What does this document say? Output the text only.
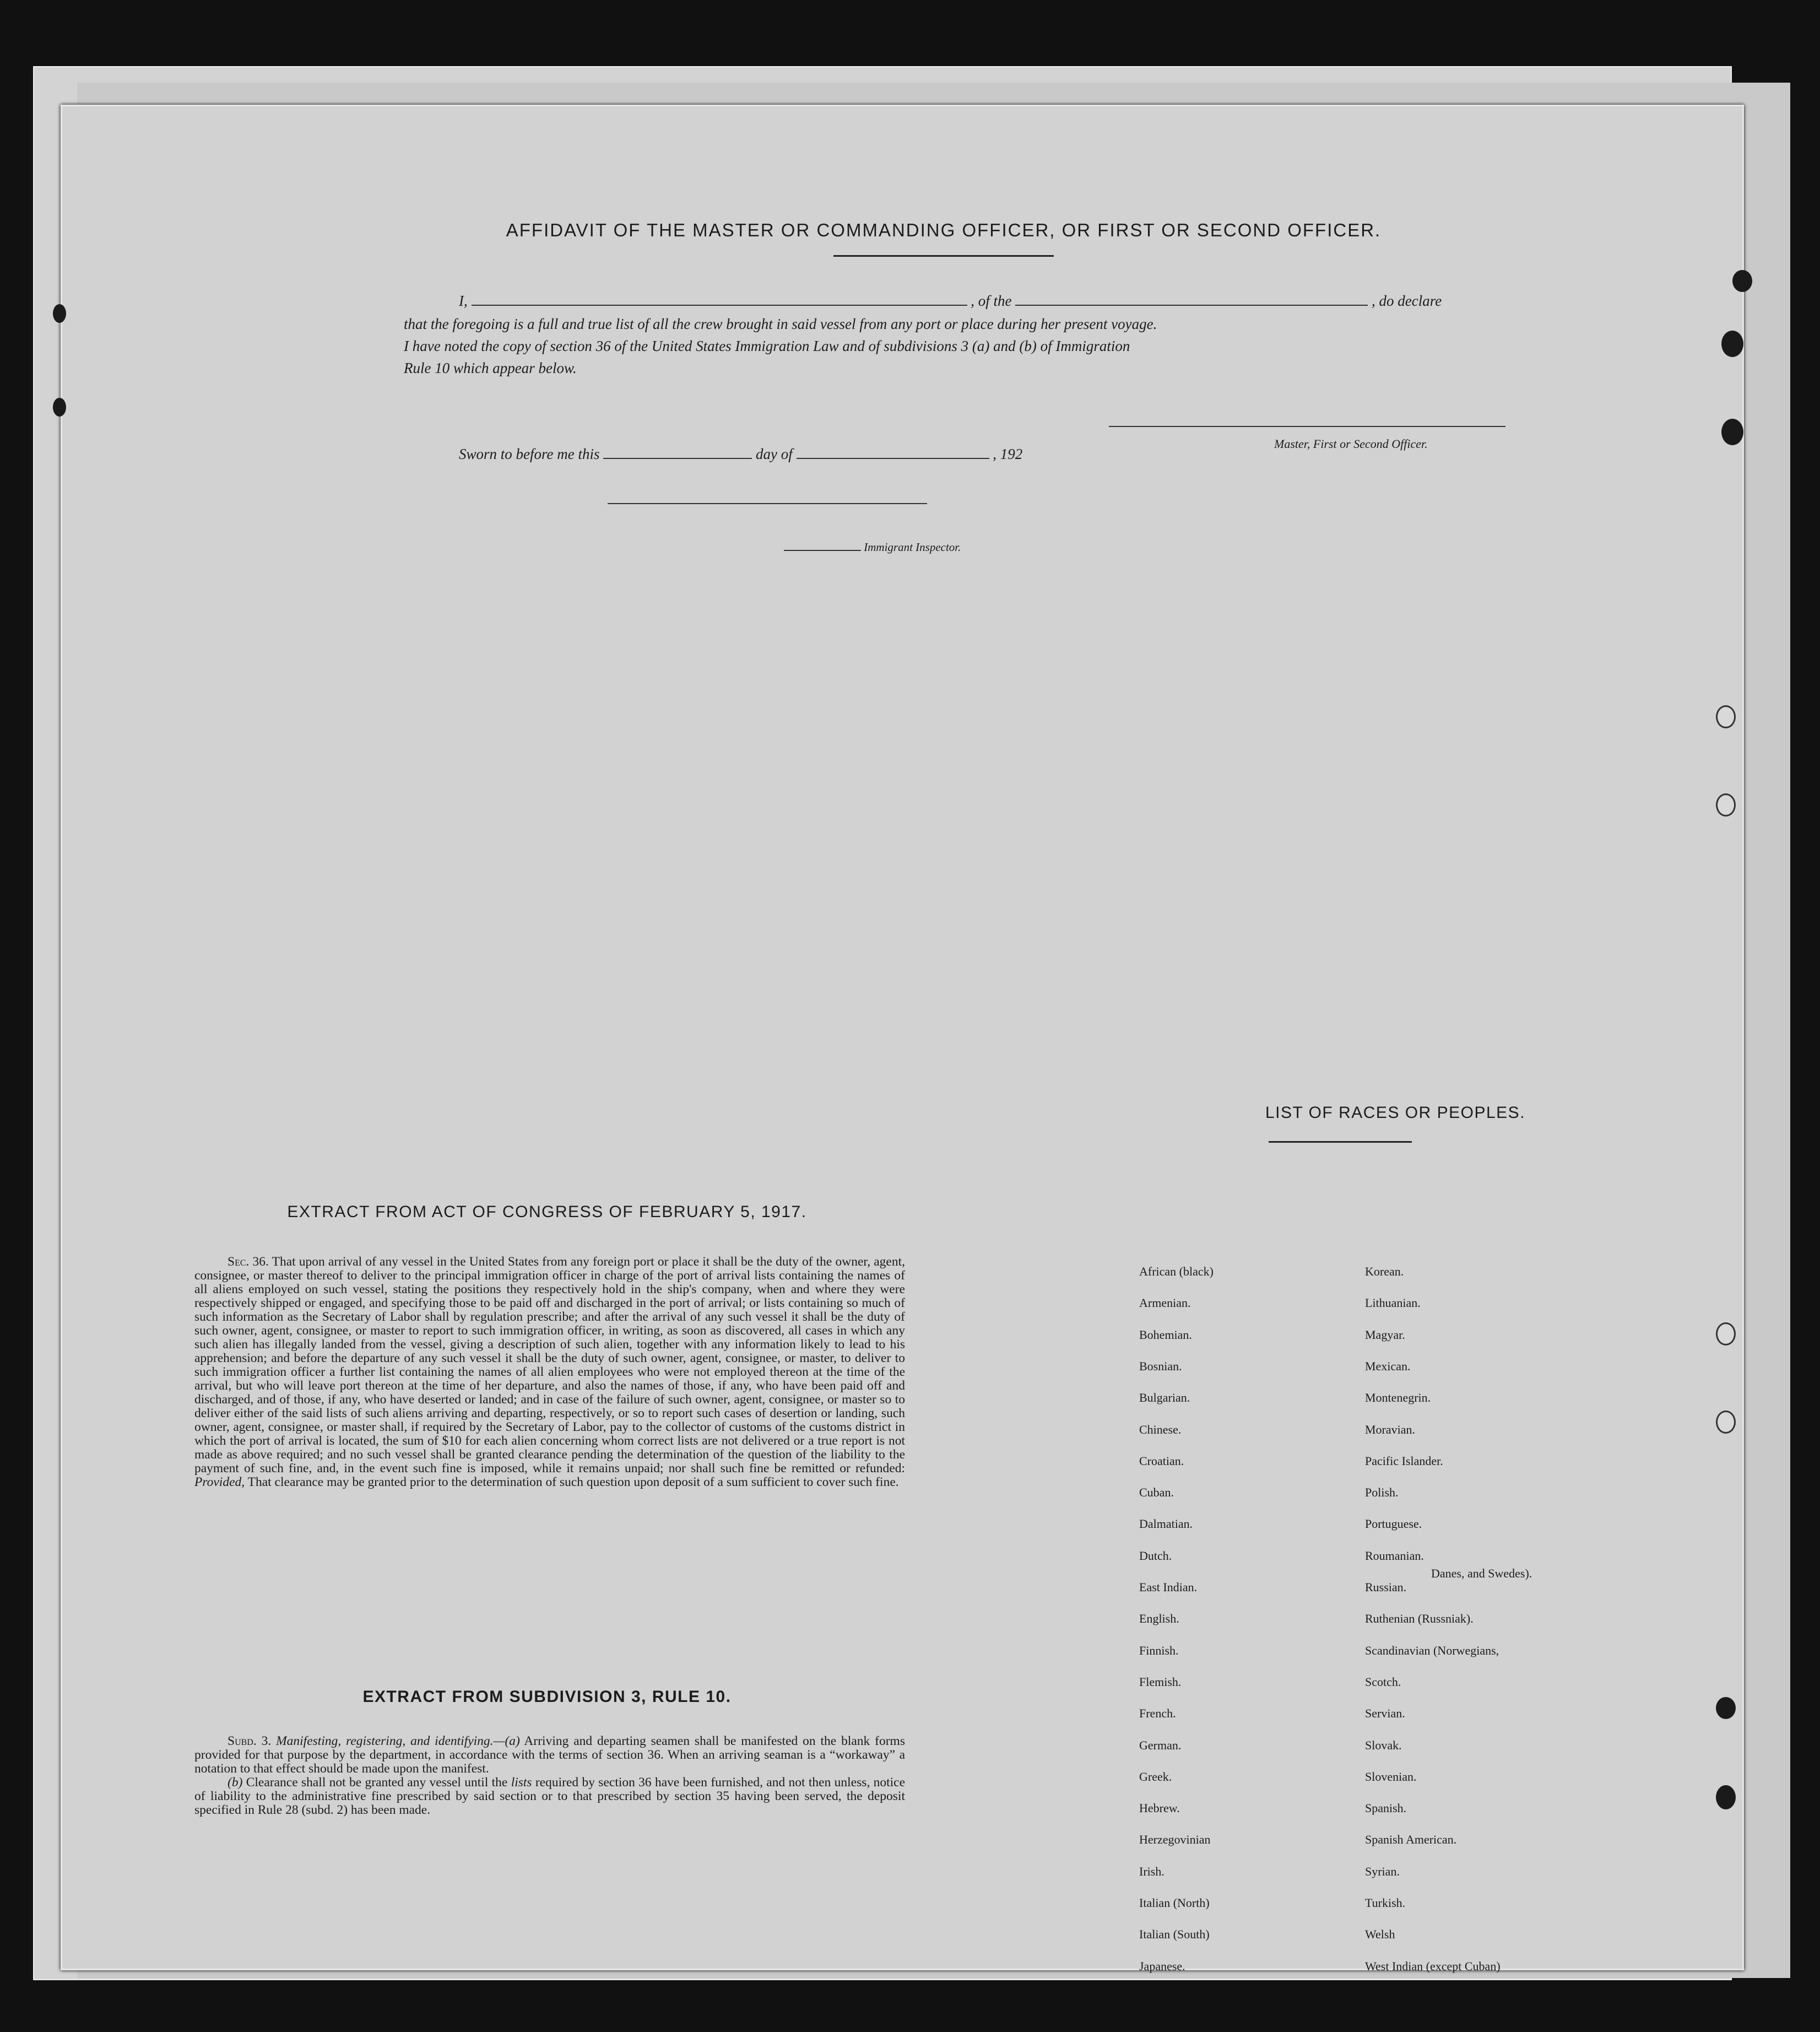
AFFIDAVIT OF THE MASTER OR COMMANDING OFFICER, OR FIRST OR SECOND OFFICER.
I,	, of the	, do declare
that the foregoing is a full and true list of all the crew brought in said vessel from any port or place during her present voyage.
I have noted the copy of section 36 of the United States Immigration Law and of subdivisions 3 (a) and (b) of Immigration
Rule 10 which appear below.
Master, First or Second Officer.
Sworn to before me this	day of	, 192
Immigrant Inspector.
EXTRACT FROM ACT OF CONGRESS OF FEBRUARY 5, 1917.

Sec. 36. That upon arrival of any vessel in the United States from any foreign port or place it shall be the duty of the owner, agent, consignee, or master thereof to deliver to the principal immigration officer in charge of the port of arrival lists containing the names of all aliens employed on such vessel, stating the positions they respectively hold in the ship's company, when and where they were respectively shipped or engaged, and specifying those to be paid off and discharged in the port of arrival; or lists containing so much of such information as the Secretary of Labor shall by regulation prescribe; and after the arrival of any such vessel it shall be the duty of such owner, agent, consignee, or master to report to such immigration officer, in writing, as soon as discovered, all cases in which any such alien has illegally landed from the vessel, giving a description of such alien, together with any information likely to lead to his apprehension; and before the departure of any such vessel it shall be the duty of such owner, agent, consignee, or master, to deliver to such immigration officer a further list containing the names of all alien employees who were not employed thereon at the time of the arrival, but who will leave port thereon at the time of her departure, and also the names of those, if any, who have been paid off and discharged, and of those, if any, who have deserted or landed; and in case of the failure of such owner, agent, consignee, or master so to deliver either of the said lists of such aliens arriving and departing, respectively, or so to report such cases of desertion or landing, such owner, agent, consignee, or master shall, if required by the Secretary of Labor, pay to the collector of customs of the customs district in which the port of arrival is located, the sum of $10 for each alien concerning whom correct lists are not delivered or a true report is not made as above required; and no such vessel shall be granted clearance pending the determination of the question of the liability to the payment of such fine, and, in the event such fine is imposed, while it remains unpaid; nor shall such fine be remitted or refunded: Provided, That clearance may be granted prior to the determination of such question upon deposit of a sum sufficient to cover such fine.

EXTRACT FROM SUBDIVISION 3, RULE 10.

Subd. 3. Manifesting, registering, and identifying.—(a) Arriving and departing seamen shall be manifested on the blank forms provided for that purpose by the department, in accordance with the terms of section 36. When an arriving seaman is a “workaway” a notation to that effect should be made upon the manifest.

(b) Clearance shall not be granted any vessel until the lists required by section 36 have been furnished, and not then unless, notice of liability to the administrative fine prescribed by said section or to that prescribed by section 35 having been served, the deposit specified in Rule 28 (subd. 2) has been made.

LIST OF RACES OR PEOPLES.
Danes, and Swedes).
African (black)
Armenian.
Bohemian.
Bosnian.
Bulgarian.
Chinese.
Croatian.
Cuban.
Dalmatian.
Dutch.
East Indian.
English.
Finnish.
Flemish.
French.
German.
Greek.
Hebrew.
Herzegovinian
Irish.
Italian (North)
Italian (South)
Japanese.
Korean.
Lithuanian.
Magyar.
Mexican.
Montenegrin.
Moravian.
Pacific Islander.
Polish.
Portuguese.
Roumanian.
Russian.
Ruthenian (Russniak).
Scandinavian (Norwegians,
Scotch.
Servian.
Slovak.
Slovenian.
Spanish.
Spanish American.
Syrian.
Turkish.
Welsh
West Indian (except Cuban)
